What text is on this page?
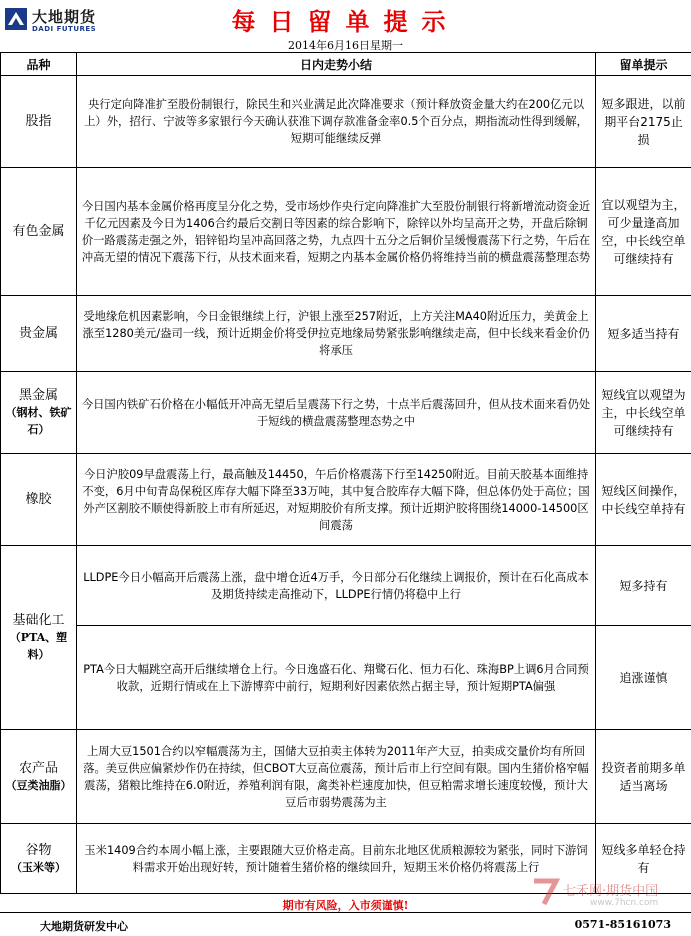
大地期货
DADI FUTURES	每日留单提示
2014年6月16日星期一
品种	日内走势小结	留单提示
股指	央行定向降准扩至股份制银行，除民生和兴业满足此次降准要求（预计释放资金量大约在200亿元以上）外，招行、宁波等多家银行今天确认获准下调存款准备金率0.5个百分点，期指流动性得到缓解，短期可能继续反弹	短多跟进，以前期平台2175止损
有色金属	今日国内基本金属价格再度呈分化之势，受市场炒作央行定向降准扩大至股份制银行将新增流动资金近千亿元因素及今日为1406合约最后交割日等因素的综合影响下，除锌以外均呈高开之势，开盘后除铜价一路震荡走强之外，铝锌铅均呈冲高回落之势，九点四十五分之后铜价呈缓慢震荡下行之势，午后在冲高无望的情况下震荡下行，从技术面来看，短期之内基本金属价格仍将维持当前的横盘震荡整理态势	宜以观望为主，可少量逢高加空，中长线空单可继续持有
贵金属	受地缘危机因素影响，今日金银继续上行，沪银上涨至257附近，上方关注MA40附近压力，美黄金上涨至1280美元/盎司一线，预计近期金价将受伊拉克地缘局势紧张影响继续走高，但中长线来看金价仍将承压	短多适当持有
黑金属
（钢材、铁矿石）	今日国内铁矿石价格在小幅低开冲高无望后呈震荡下行之势，十点半后震荡回升，但从技术面来看仍处于短线的横盘震荡整理态势之中	短线宜以观望为主，中长线空单可继续持有
橡胶	今日沪胶09早盘震荡上行，最高触及14450，午后价格震荡下行至14250附近。目前天胶基本面维持不变，6月中旬青岛保税区库存大幅下降至33万吨，其中复合胶库存大幅下降，但总体仍处于高位；国外产区割胶不顺使得新胶上市有所延迟，对短期胶价有所支撑。预计近期沪胶将围绕14000-14500区间震荡	短线区间操作，中长线空单持有
基础化工
（PTA、塑料）	LLDPE今日小幅高开后震荡上涨，盘中增仓近4万手，今日部分石化继续上调报价，预计在石化高成本及期货持续走高推动下，LLDPE行情仍将稳中上行	短多持有
	PTA今日大幅跳空高开后继续增仓上行。今日逸盛石化、翔鹭石化、恒力石化、珠海BP上调6月合同预收款，近期行情或在上下游博弈中前行，短期利好因素依然占据主导，预计短期PTA偏强	追涨谨慎
农产品
（豆类油脂）	上周大豆1501合约以窄幅震荡为主，国储大豆拍卖主体转为2011年产大豆，拍卖成交量价均有所回落。美豆供应偏紧炒作仍在持续，但CBOT大豆高位震荡，预计后市上行空间有限。国内生猪价格窄幅震荡，猪粮比维持在6.0附近，养殖利润有限，禽类补栏速度加快，但豆粕需求增长速度较慢，预计大豆后市弱势震荡为主	投资者前期多单适当离场
谷物
（玉米等）	玉米1409合约本周小幅上涨，主要跟随大豆价格走高。目前东北地区优质粮源较为紧张，同时下游饲料需求开始出现好转，预计随着生猪价格的继续回升，短期玉米价格仍将震荡上行	短线多单轻仓持有
七禾网·期货中国
www.7hcn.com
期市有风险，入市须谨慎!
大地期货研发中心	0571-85161073
